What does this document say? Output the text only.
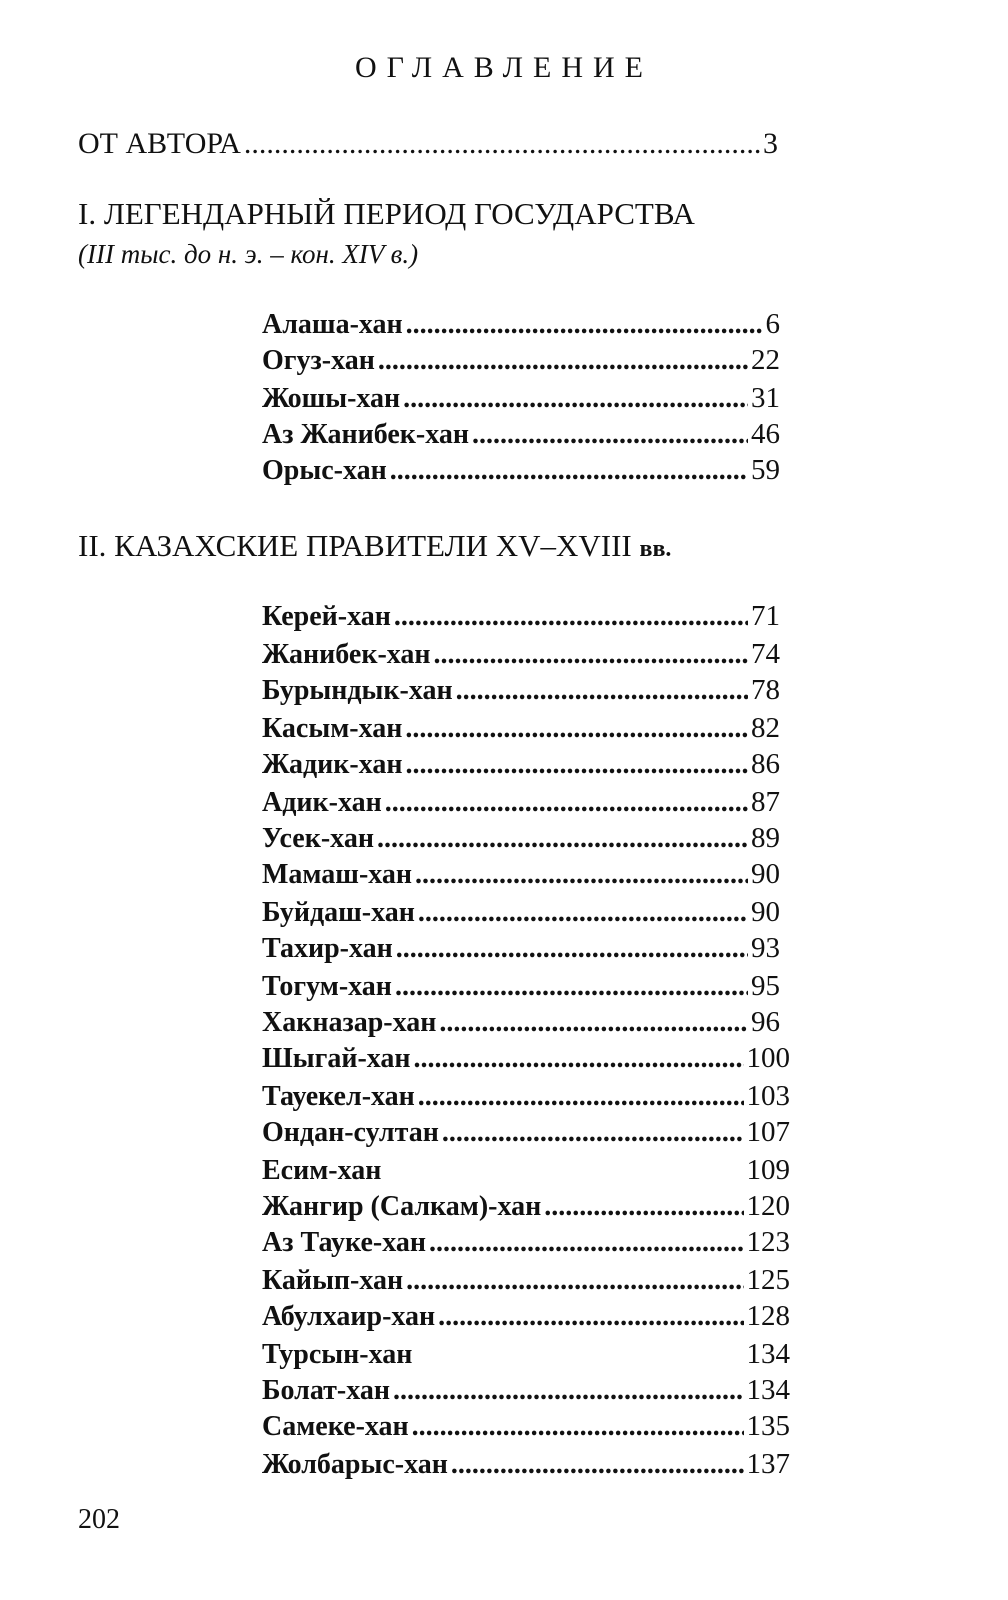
ОГЛАВЛЕНИЕ
ОТ АВТОРА .....	3
I. ЛЕГЕНДАРНЫЙ ПЕРИОД ГОСУДАРСТВА
(III тыс. до н. э. – кон. XIV в.)
Алаша-хан .....	6
Огуз-хан .....	22
Жошы-хан .....	31
Аз Жанибек-хан .....	46
Орыс-хан .....	59
II. КАЗАХСКИЕ ПРАВИТЕЛИ XV–XVIII вв.
Керей-хан .....	71
Жанибек-хан .....	74
Бурындык-хан .....	78
Касым-хан .....	82
Жадик-хан .....	86
Адик-хан .....	87
Усек-хан .....	89
Мамаш-хан .....	90
Буйдаш-хан .....	90
Тахир-хан .....	93
Тогум-хан .....	95
Хакназар-хан .....	96
Шыгай-хан .....	100
Тауекел-хан .....	103
Ондан-султан .....	107
Есим-хан	109
Жангир (Салкам)-хан .....	120
Аз Тауке-хан .....	123
Кайып-хан .....	125
Абулхаир-хан .....	128
Турсын-хан	134
Болат-хан .....	134
Самеке-хан .....	135
Жолбарыс-хан .....	137
202
